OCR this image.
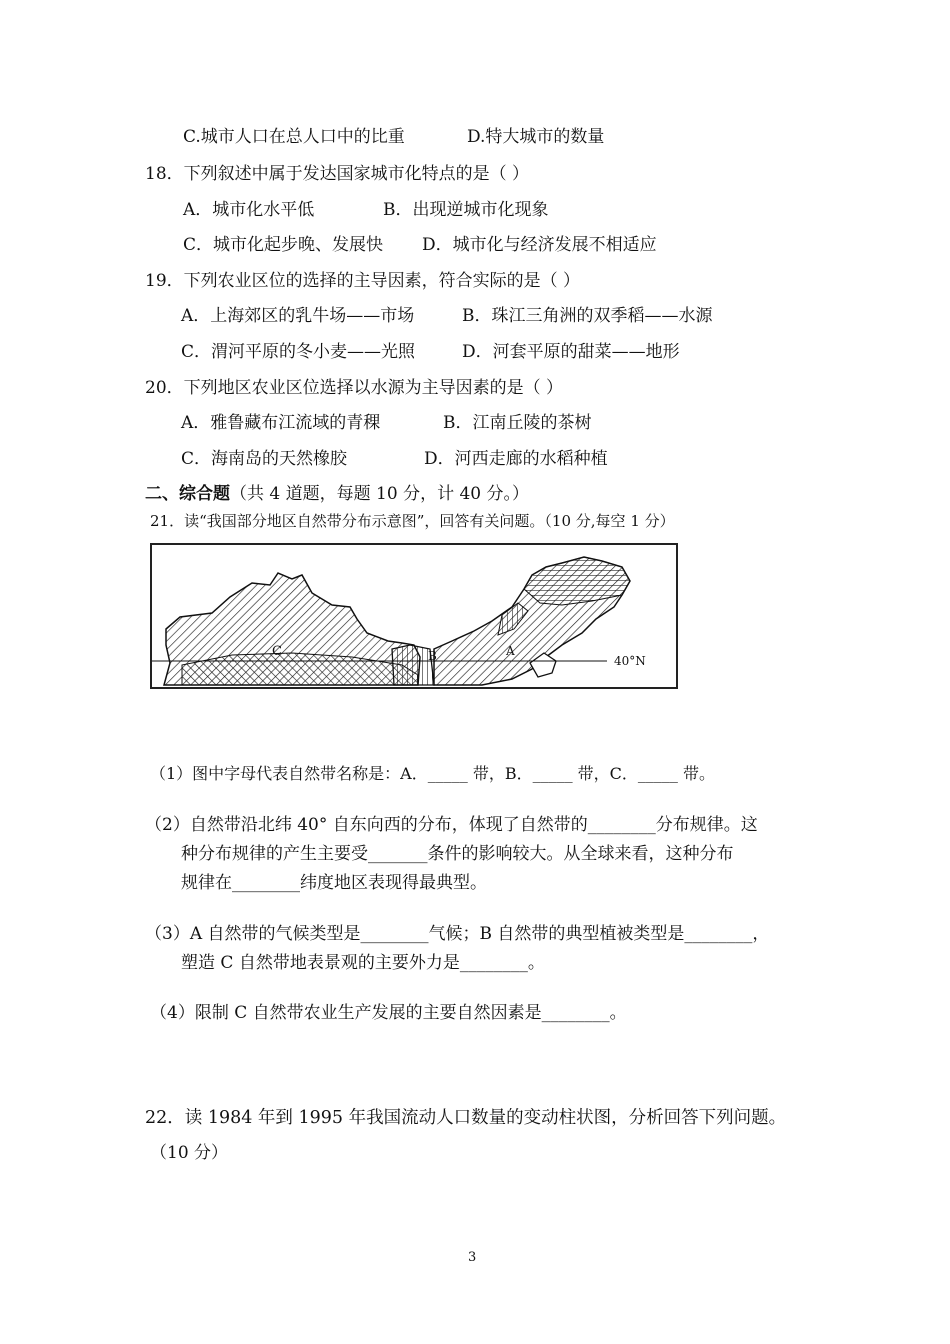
C.城市人口在总人口中的比重	D.特大城市的数量
18．下列叙述中属于发达国家城市化特点的是（ ）
A．城市化水平低	B．出现逆城市化现象
C．城市化起步晚、发展快 D．城市化与经济发展不相适应
19．下列农业区位的选择的主导因素，符合实际的是（ ）
A．上海郊区的乳牛场——市场	B．珠江三角洲的双季稻——水源
C．渭河平原的冬小麦——光照	D．河套平原的甜菜——地形
20．下列地区农业区位选择以水源为主导因素的是（ ）
A．雅鲁藏布江流域的青稞	B．江南丘陵的茶树
C．海南岛的天然橡胶	D．河西走廊的水稻种植
二、综合题（共 4 道题，每题 10 分，计 40 分。）
21．读“我国部分地区自然带分布示意图”，回答有关问题。（10 分,每空 1 分）
C	B	A
40°N
（1）图中字母代表自然带名称是：A．_____ 带，B．_____ 带，C．_____ 带。
（2）自然带沿北纬 40° 自东向西的分布，体现了自然带的________分布规律。这
种分布规律的产生主要受_______条件的影响较大。从全球来看，这种分布
规律在________纬度地区表现得最典型。
（3）A 自然带的气候类型是________气候；B 自然带的典型植被类型是________，
塑造 C 自然带地表景观的主要外力是________。
（4）限制 C 自然带农业生产发展的主要自然因素是________。
22．读 1984 年到 1995 年我国流动人口数量的变动柱状图，分析回答下列问题。
（10 分）
3
